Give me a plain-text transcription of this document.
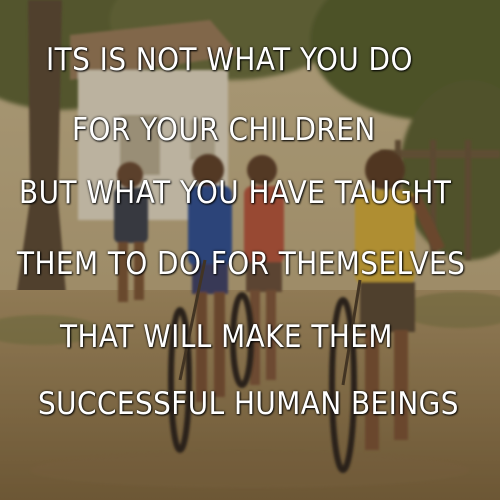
ITS IS NOT WHAT YOU DO
FOR YOUR CHILDREN
BUT WHAT YOU HAVE TAUGHT
THEM TO DO FOR THEMSELVES
THAT WILL MAKE THEM
SUCCESSFUL HUMAN BEINGS
